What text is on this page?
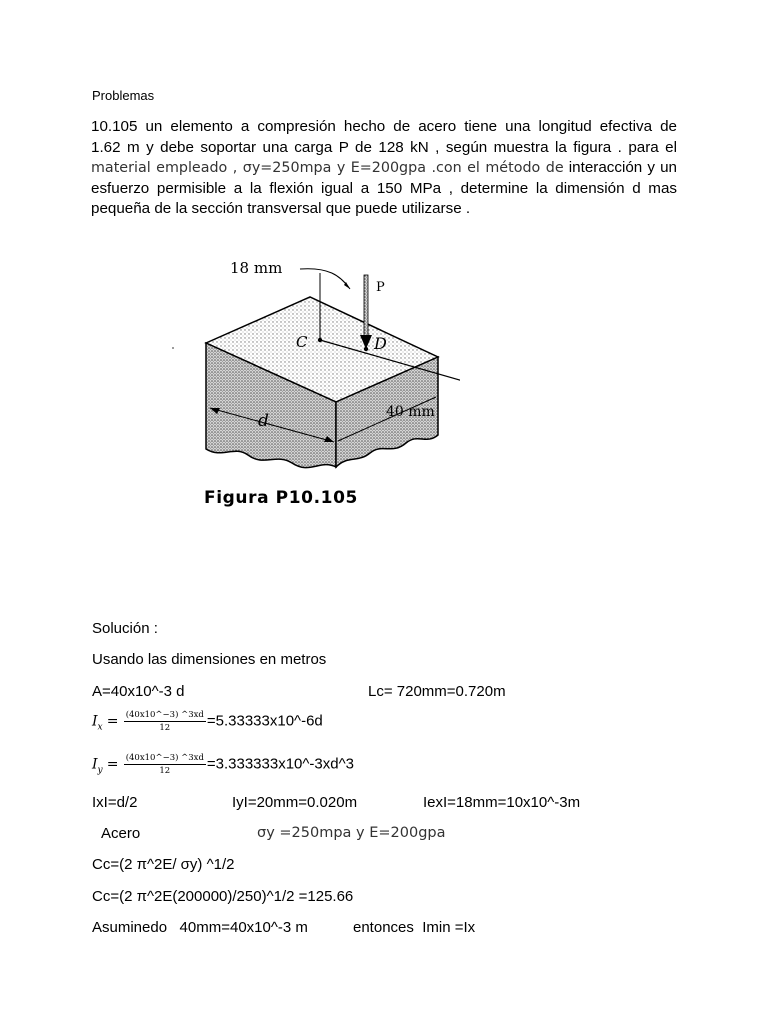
Problemas
10.105 un elemento a compresión hecho de acero tiene una longitud efectiva de
1.62 m y debe soportar una carga P de 128 kN , según muestra la figura . para el
material empleado , σy=250mpa y E=200gpa .con el método de interacción y un
esfuerzo permisible a la flexión igual a 150 MPa , determine la dimensión d mas
pequeña de la sección transversal que puede utilizarse .
18 mm
P
C	D
40 mm
d
Figura P10.105
Solución :
Usando las dimensiones en metros
A=40x10^-3 d	Lc= 720mm=0.720m
$I_x = \frac{(40x10\^{}-3) \^{}3xd}{12}$ =5.33333x10^-6d
$I_y = \frac{(40x10\^{}-3) \^{}3xd}{12}$ =3.333333x10^-3xd^3
IxI=d/2	IyI=20mm=0.020m	IexI=18mm=10x10^-3m
Acero	σy =250mpa y E=200gpa
Cc=(2 π^2E/ σy) ^1/2
Cc=(2 π^2E(200000)/250)^1/2 =125.66
Asuminedo   40mm=40x10^-3 m	entonces  Imin =Ix
